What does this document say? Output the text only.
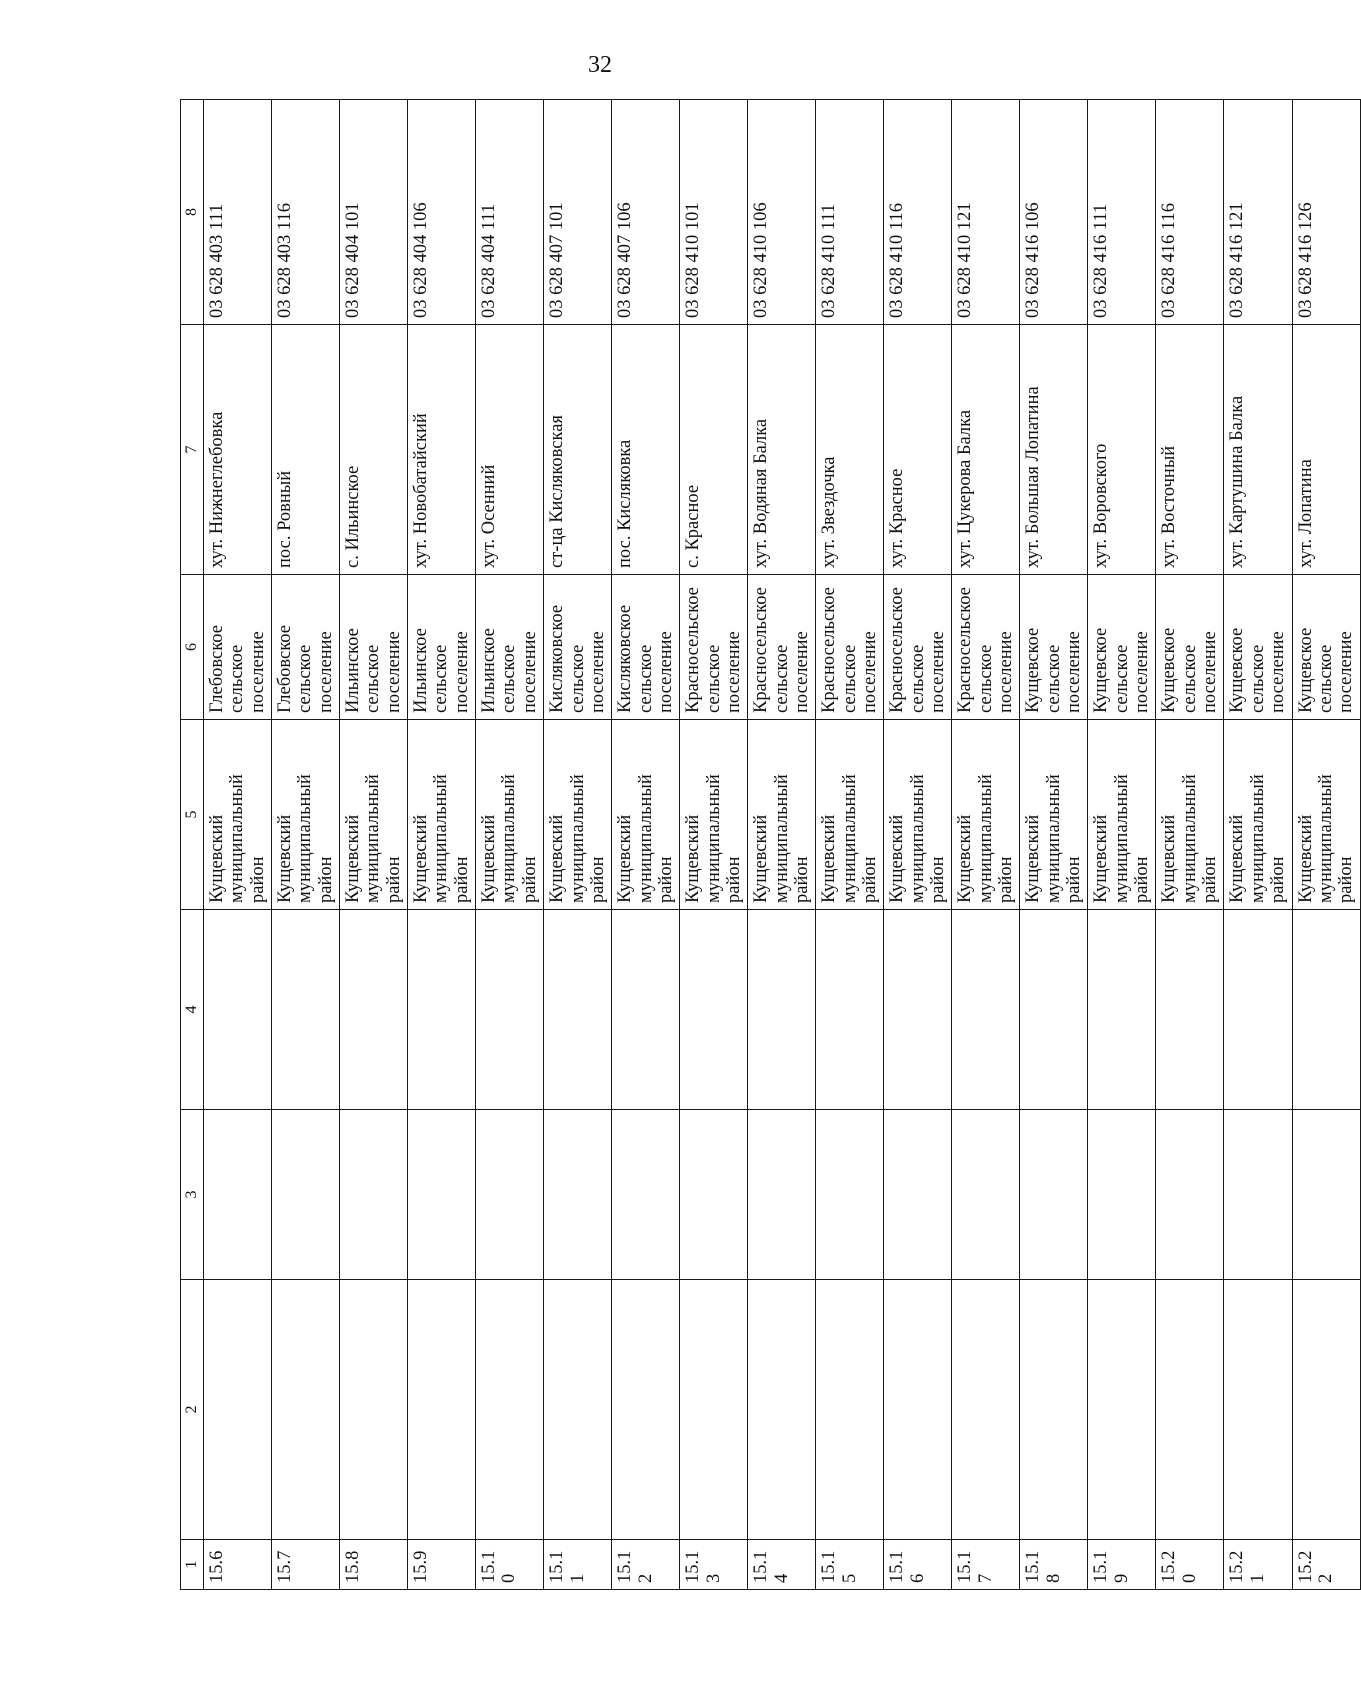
32
1	2	3	4	5	6	7	8
15.6				Кущевский муниципальный район	Глебовское сельское поселение	хут. Нижнеглебовка	03 628 403 111
15.7				Кущевский муниципальный район	Глебовское сельское поселение	пос. Ровный	03 628 403 116
15.8				Кущевский муниципальный район	Ильинское сельское поселение	с. Ильинское	03 628 404 101
15.9				Кущевский муниципальный район	Ильинское сельское поселение	хут. Новобатайский	03 628 404 106
15.10				Кущевский муниципальный район	Ильинское сельское поселение	хут. Осенний	03 628 404 111
15.11				Кущевский муниципальный район	Кисляковское сельское поселение	ст-ца Кисляковская	03 628 407 101
15.12				Кущевский муниципальный район	Кисляковское сельское поселение	пос. Кисляковка	03 628 407 106
15.13				Кущевский муниципальный район	Красносельское сельское поселение	с. Красное	03 628 410 101
15.14				Кущевский муниципальный район	Красносельское сельское поселение	хут. Водяная Балка	03 628 410 106
15.15				Кущевский муниципальный район	Красносельское сельское поселение	хут. Звездочка	03 628 410 111
15.16				Кущевский муниципальный район	Красносельское сельское поселение	хут. Красное	03 628 410 116
15.17				Кущевский муниципальный район	Красносельское сельское поселение	хут. Цукерова Балка	03 628 410 121
15.18				Кущевский муниципальный район	Кущевское сельское поселение	хут. Большая Лопатина	03 628 416 106
15.19				Кущевский муниципальный район	Кущевское сельское поселение	хут. Воровского	03 628 416 111
15.20				Кущевский муниципальный район	Кущевское сельское поселение	хут. Восточный	03 628 416 116
15.21				Кущевский муниципальный район	Кущевское сельское поселение	хут. Картушина Балка	03 628 416 121
15.22				Кущевский муниципальный район	Кущевское сельское поселение	хут. Лопатина	03 628 416 126
